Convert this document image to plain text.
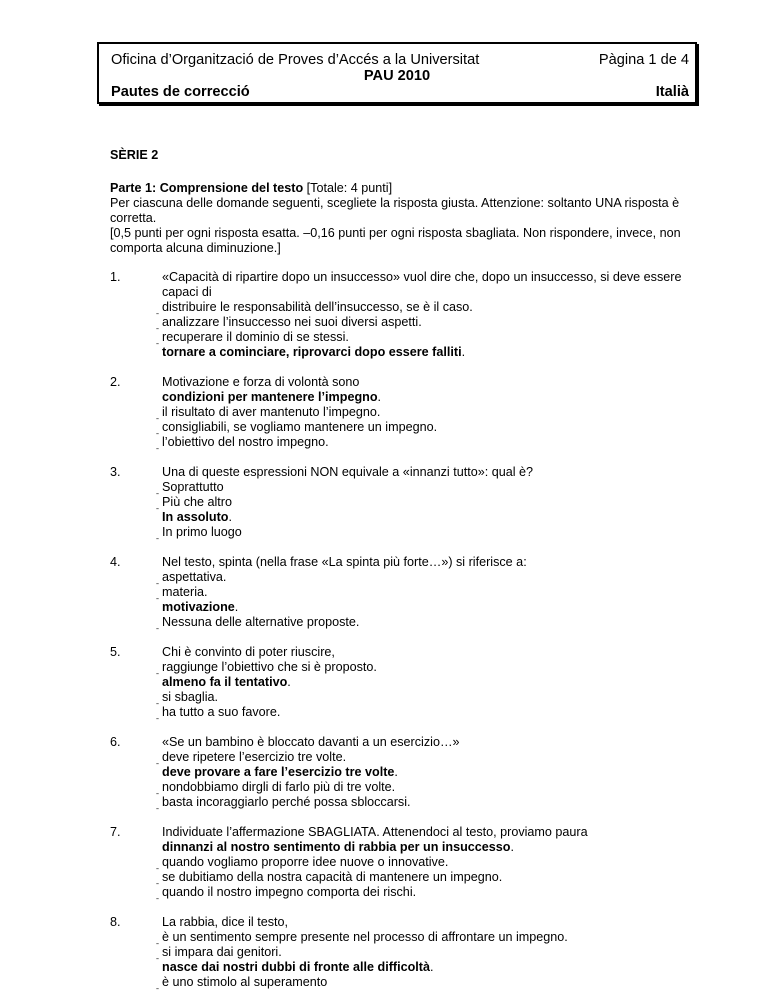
Oficina d’Organització de Proves d’Accés a la Universitat	Pàgina 1 de 4
PAU 2010
Pautes de correcció	Italià

SÈRIE 2

Parte 1: Comprensione del testo [Totale: 4 punti]

Per ciascuna delle domande seguenti, scegliete la risposta giusta. Attenzione: soltanto UNA risposta è corretta.

[0,5 punti per ogni risposta esatta. –0,16 punti per ogni risposta sbagliata. Non rispondere, invece, non comporta alcuna diminuzione.]

1.	«Capacità di ripartire dopo un insuccesso» vuol dire che, dopo un insuccesso, si deve essere capaci di

ˍ distribuire le responsabilità dell’insuccesso, se è il caso.

ˍ analizzare l’insuccesso nei suoi diversi aspetti.

ˍ recuperare il dominio di se stessi.

tornare a cominciare, riprovarci dopo essere falliti.

2.	Motivazione e forza di volontà sono

condizioni per mantenere l’impegno.

ˍ il risultato di aver mantenuto l’impegno.

ˍ consigliabili, se vogliamo mantenere un impegno.

ˍ l’obiettivo del nostro impegno.

3.	Una di queste espressioni NON equivale a «innanzi tutto»: qual è?

ˍ Soprattutto

ˍ Più che altro

In assoluto.

ˍ In primo luogo

4.	Nel testo, spinta (nella frase «La spinta più forte…») si riferisce a:

ˍ aspettativa.

ˍ materia.

motivazione.

ˍ Nessuna delle alternative proposte.

5.	Chi è convinto di poter riuscire,

ˍ raggiunge l’obiettivo che si è proposto.

almeno fa il tentativo.

ˍ si sbaglia.

ˍ ha tutto a suo favore.

6.	«Se un bambino è bloccato davanti a un esercizio…»

ˍ deve ripetere l’esercizio tre volte.

deve provare a fare l’esercizio tre volte.

ˍ nondobbiamo dirgli di farlo più di tre volte.

ˍ basta incoraggiarlo perché possa sbloccarsi.

7.	Individuate l’affermazione SBAGLIATA. Attenendoci al testo, proviamo paura

dinnanzi al nostro sentimento di rabbia per un insuccesso.

ˍ quando vogliamo proporre idee nuove o innovative.

ˍ se dubitiamo della nostra capacità di mantenere un impegno.

ˍ quando il nostro impegno comporta dei rischi.

8.	La rabbia, dice il testo,

ˍ è un sentimento sempre presente nel processo di affrontare un impegno.

ˍ si impara dai genitori.

nasce dai nostri dubbi di fronte alle difficoltà.

ˍ è uno stimolo al superamento
